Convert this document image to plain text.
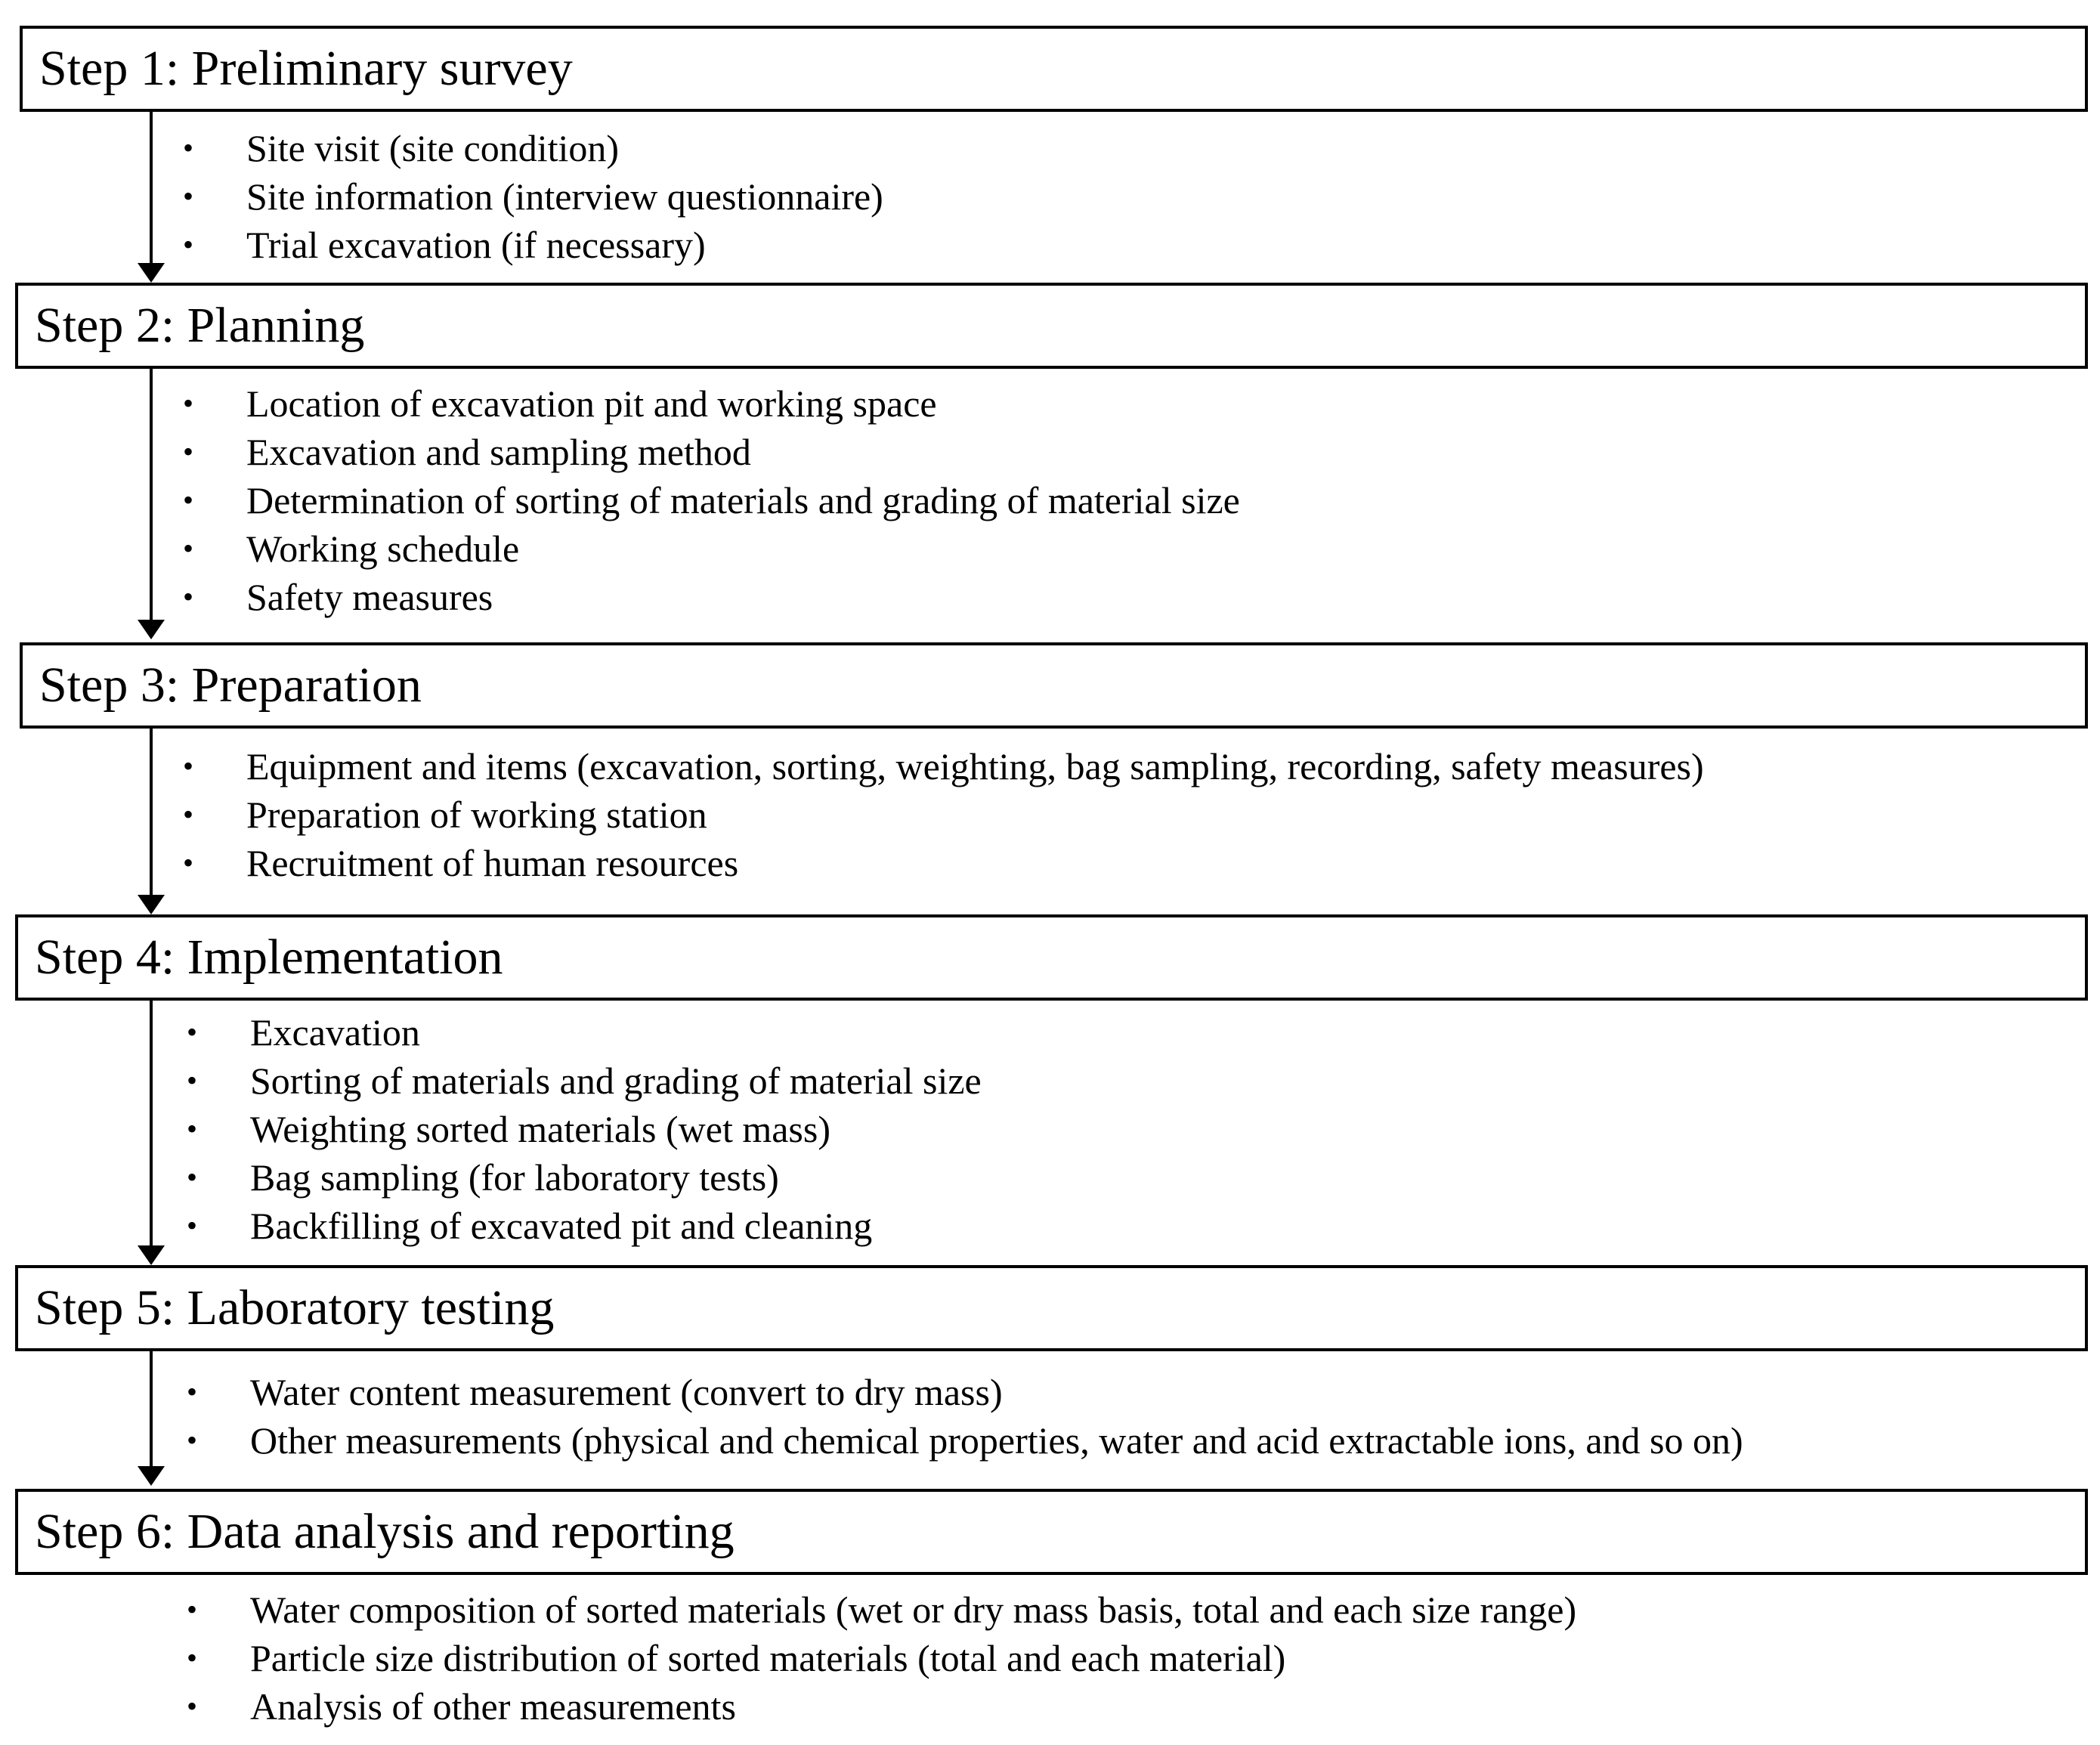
Step 1: Preliminary survey
• Site visit (site condition)
• Site information (interview questionnaire)
• Trial excavation (if necessary)
Step 2: Planning
• Location of excavation pit and working space
• Excavation and sampling method
• Determination of sorting of materials and grading of material size
• Working schedule
• Safety measures
Step 3: Preparation
• Equipment and items (excavation, sorting, weighting, bag sampling, recording, safety measures)
• Preparation of working station
• Recruitment of human resources
Step 4: Implementation
• Excavation
• Sorting of materials and grading of material size
• Weighting sorted materials (wet mass)
• Bag sampling (for laboratory tests)
• Backfilling of excavated pit and cleaning
Step 5: Laboratory testing
• Water content measurement (convert to dry mass)
• Other measurements (physical and chemical properties, water and acid extractable ions, and so on)
Step 6: Data analysis and reporting
• Water composition of sorted materials (wet or dry mass basis, total and each size range)
• Particle size distribution of sorted materials (total and each material)
• Analysis of other measurements
